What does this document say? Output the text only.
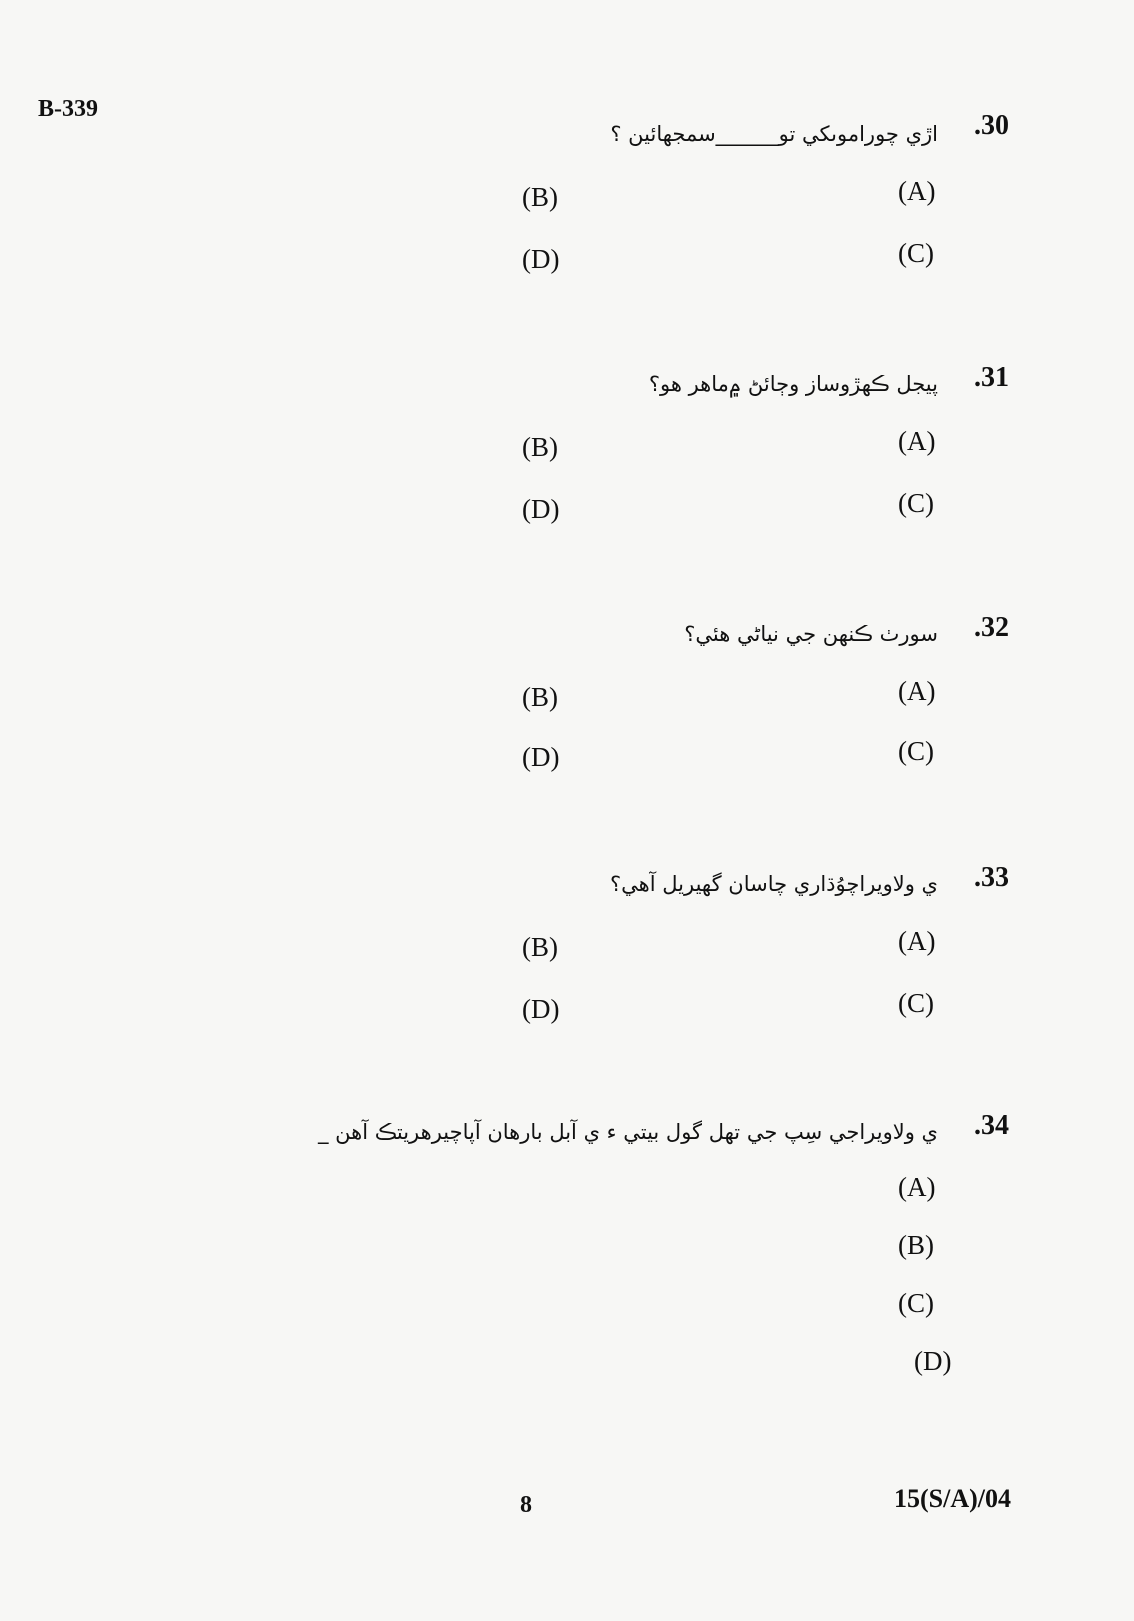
B-339
.30
اڙي چوراموںکي تو______سمجهائين ؟
(A)
(B)
(C)
(D)
.31
پيجل ڪهڙوساز وڄائڻ ۾ماهر هو؟
(A)
(B)
(C)
(D)
.32
سورٺ ڪنهن جي نياڻي هئي؟
(A)
(B)
(C)
(D)
.33
ي ولاويراچوُڌاري چاسان گهيريل آهي؟
(A)
(B)
(C)
(D)
.34
ي ولاويراجي سِپ جي تهل گول بيتي ء ي آبل بارهان آپاچيرهريتڪ آهن _
(A)
(B)
(C)
(D)
8	15(S/A)/04
